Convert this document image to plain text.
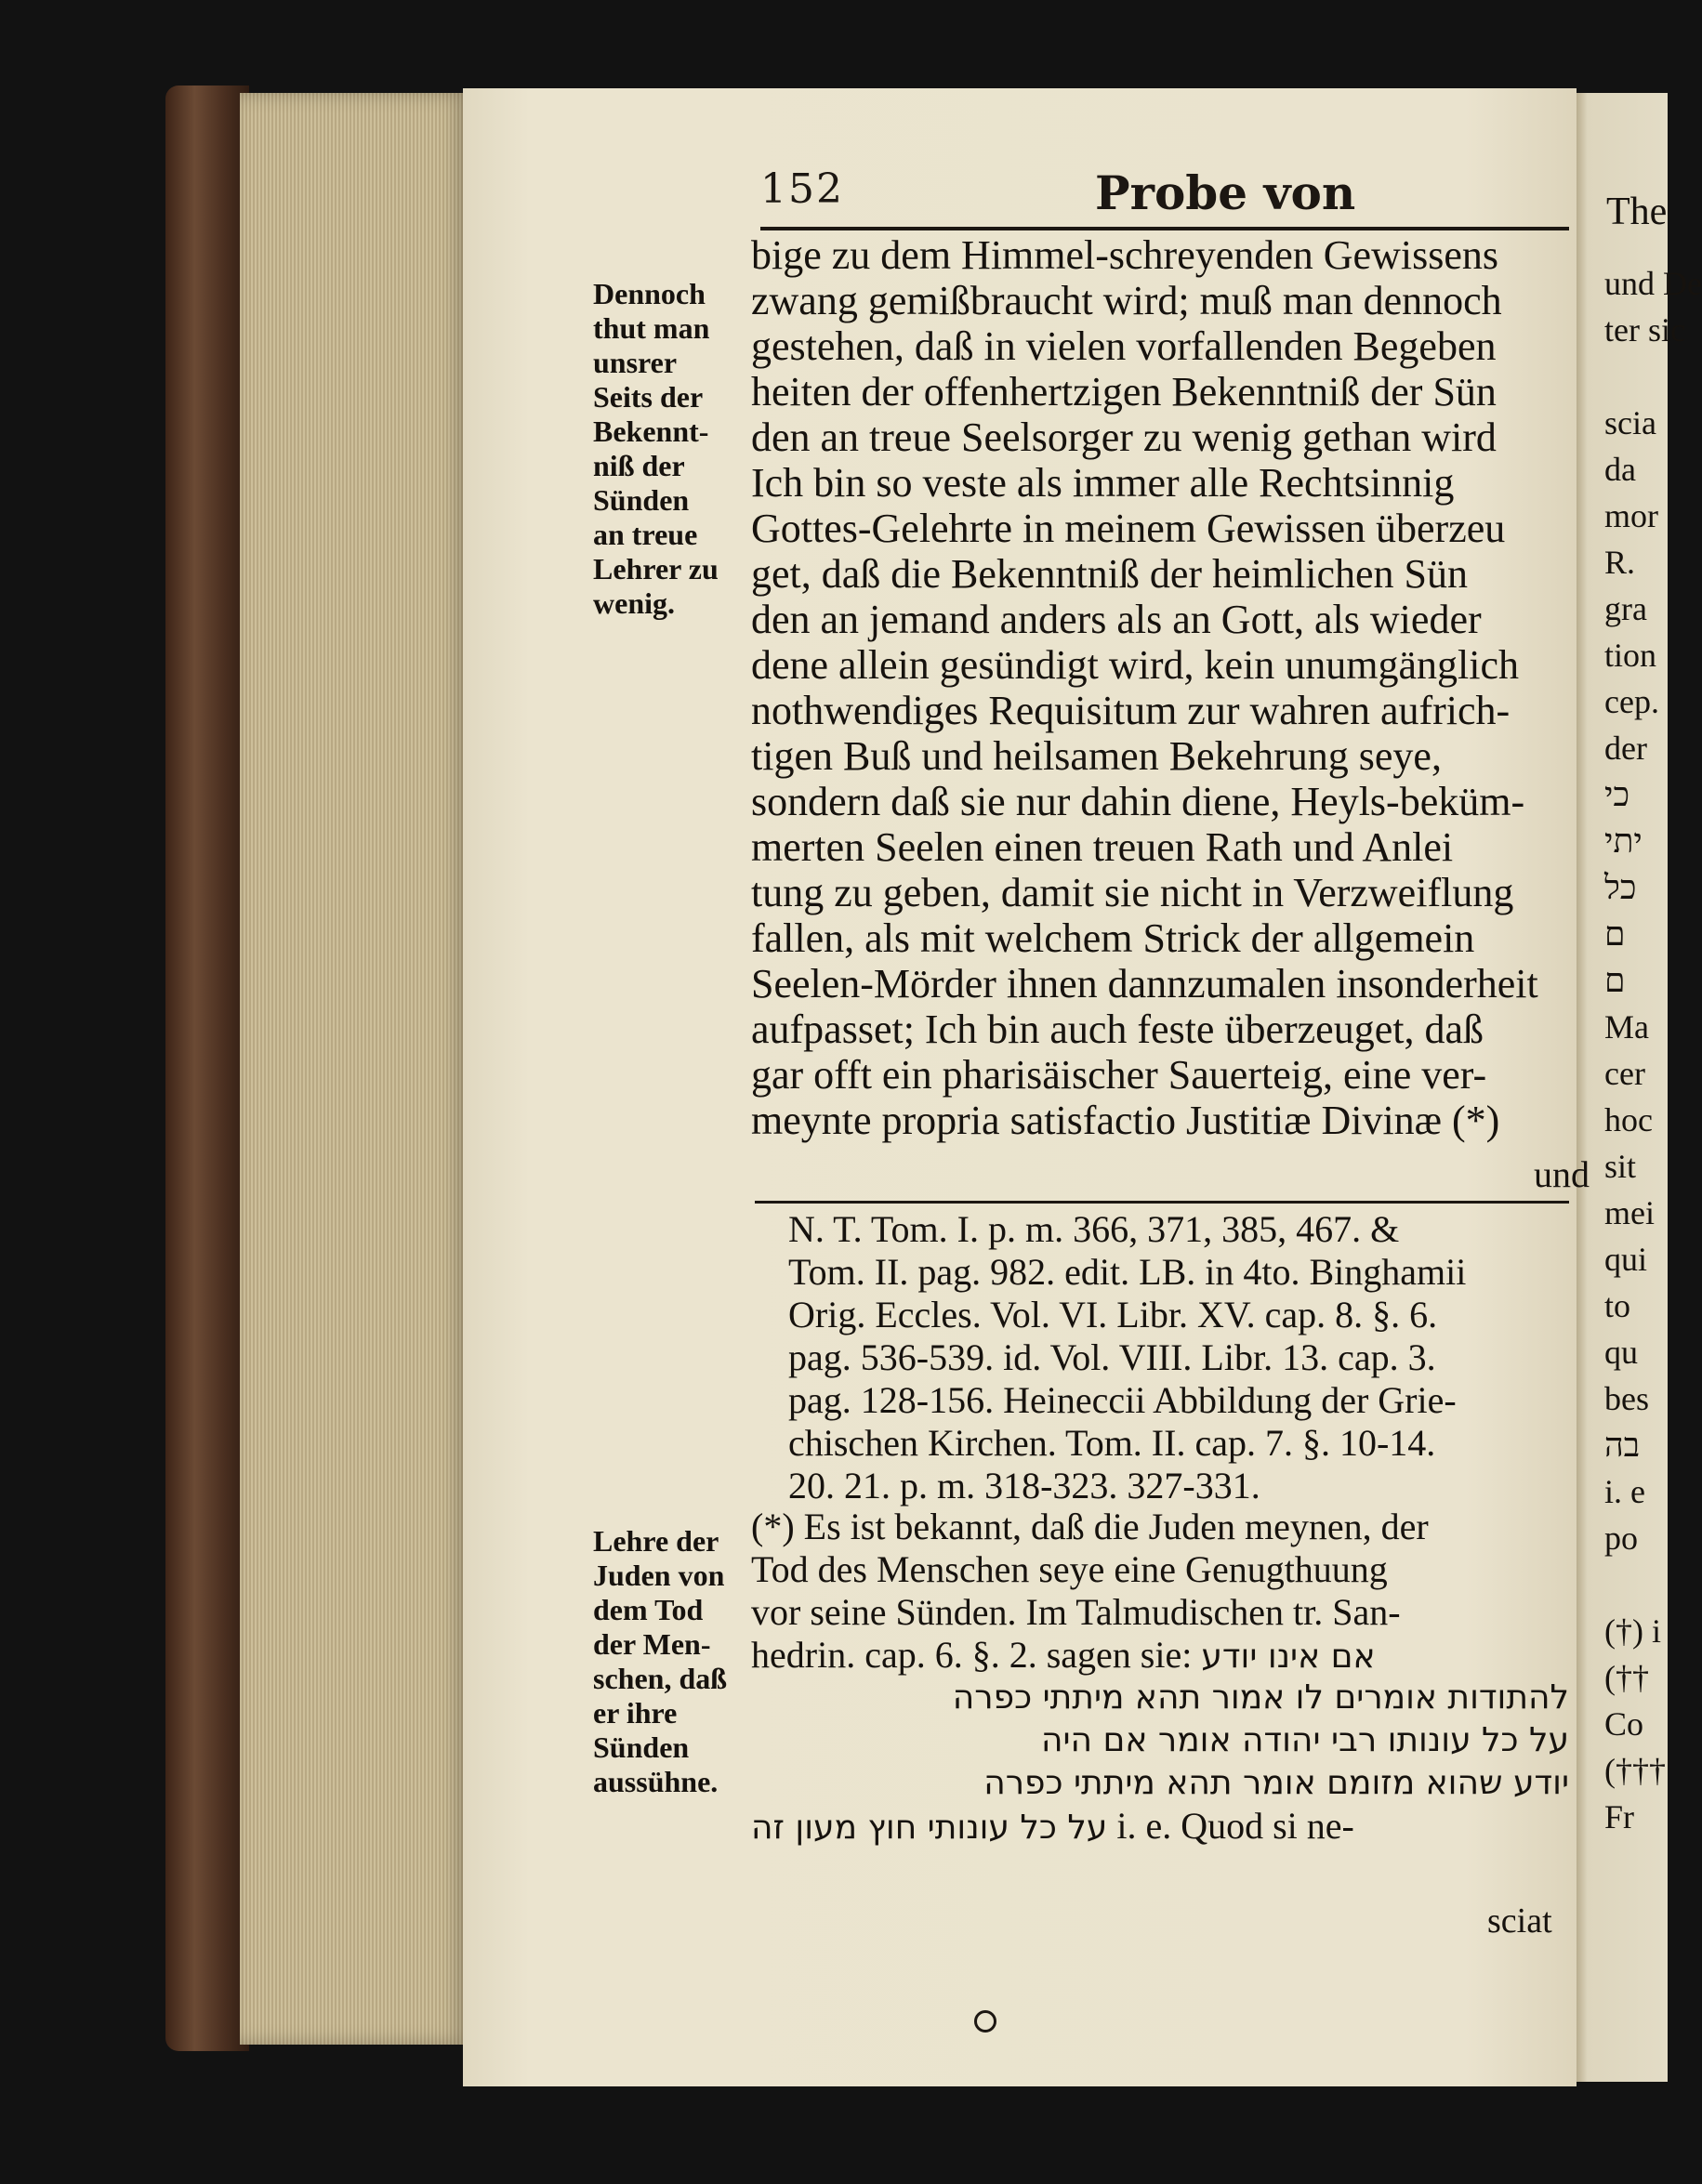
152	Probe von
Dennoch
thut man
unsrer
Seits der
Bekennt-
niß der
Sünden
an treue
Lehrer zu
wenig.
Lehre der
Juden von
dem Tod
der Men-
schen, daß
er ihre
Sünden
aussühne.
bige zu dem Himmel-schreyenden Gewissens
zwang gemißbraucht wird; muß man dennoch
gestehen, daß in vielen vorfallenden Begeben
heiten der offenhertzigen Bekenntniß der Sün
den an treue Seelsorger zu wenig gethan wird
Ich bin so veste als immer alle Rechtsinnig
Gottes-Gelehrte in meinem Gewissen überzeu
get, daß die Bekenntniß der heimlichen Sün
den an jemand anders als an Gott, als wieder
dene allein gesündigt wird, kein unumgänglich
nothwendiges Requisitum zur wahren aufrich-
tigen Buß und heilsamen Bekehrung seye,
sondern daß sie nur dahin diene, Heyls-beküm-
merten Seelen einen treuen Rath und Anlei
tung zu geben, damit sie nicht in Verzweiflung
fallen, als mit welchem Strick der allgemein
Seelen-Mörder ihnen dannzumalen insonderheit
aufpasset; Ich bin auch feste überzeuget, daß
gar offt ein pharisäischer Sauerteig, eine ver-
meynte propria satisfactio Justitiæ Divinæ (*)
und
N. T. Tom. I. p. m. 366, 371, 385, 467. &
Tom. II. pag. 982. edit. LB. in 4to. Binghamii
Orig. Eccles. Vol. VI. Libr. XV. cap. 8. §. 6.
pag. 536-539. id. Vol. VIII. Libr. 13. cap. 3.
pag. 128-156. Heineccii Abbildung der Grie-
chischen Kirchen. Tom. II. cap. 7. §. 10-14.
20. 21. p. m. 318-323. 327-331.
(*) Es ist bekannt, daß die Juden meynen, der
Tod des Menschen seye eine Genugthuung
vor seine Sünden. Im Talmudischen tr. San-
hedrin. cap. 6. §. 2. sagen sie: אם אינו יודע
להתודות אומרים לו אמור תהא מיתתי כפרה
על כל עונותו רבי יהודה אומר אם היה
יודע שהוא מזומם אומר תהא מיתתי כפרה
על כל עונותי חוץ מעון זה i. e. Quod si ne-
sciat
The
und De
ter sic
scia
da
mor
R.
gra
tion
cep.
der
כי
יתי
כל
ם
ם
Ma
cer
hoc
sit
mei
qui
to
qu
bes
בה
i. e
po
(†) i
(††
Co
(†††
Fr
